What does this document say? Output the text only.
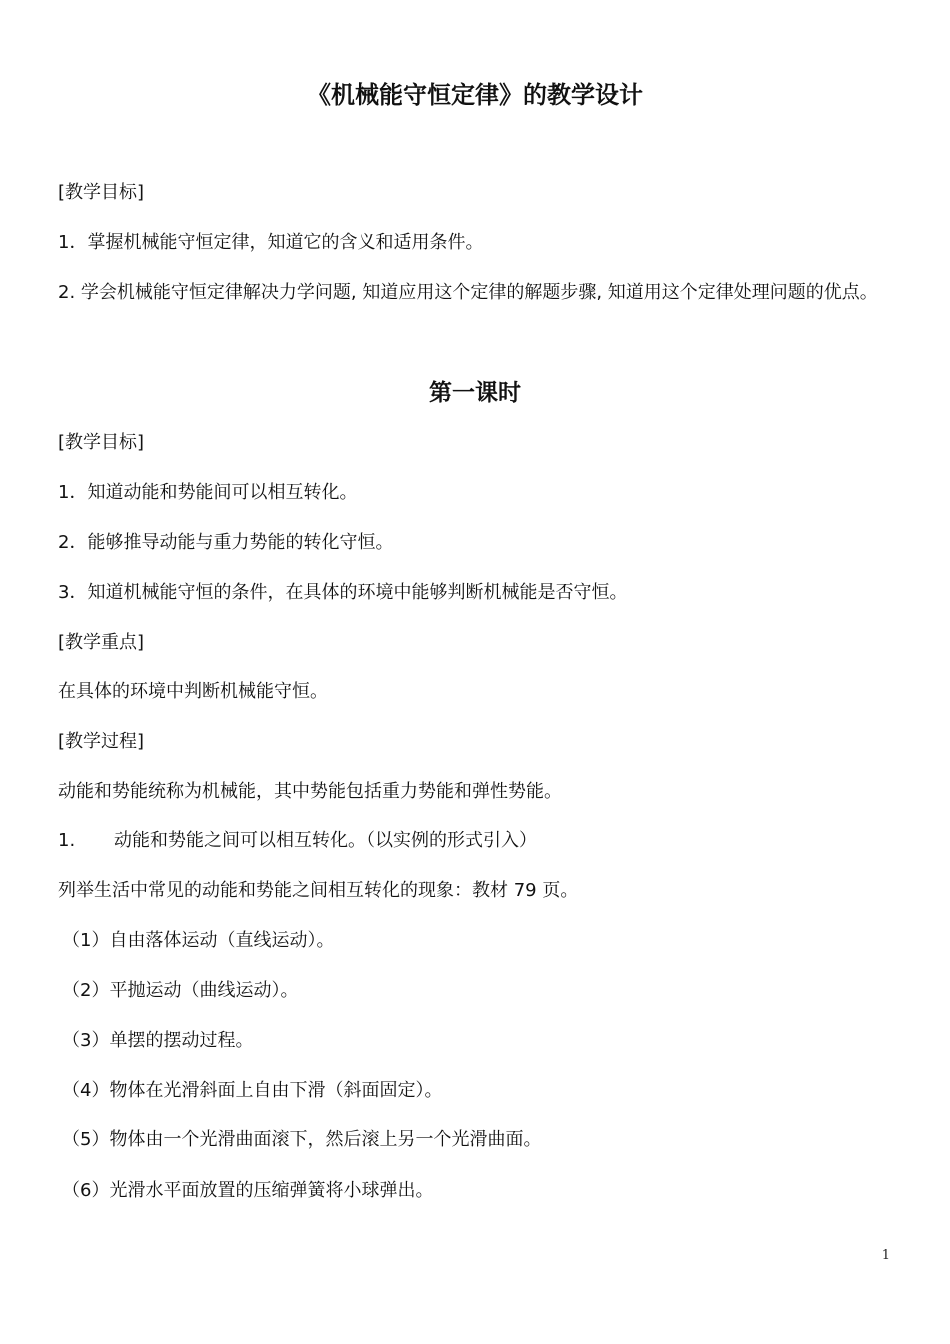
《机械能守恒定律》的教学设计
[教学目标]
1．掌握机械能守恒定律，知道它的含义和适用条件。
2. 学会机械能守恒定律解决力学问题, 知道应用这个定律的解题步骤, 知道用这个定律处理问题的优点。
第一课时
[教学目标]
1．知道动能和势能间可以相互转化。
2．能够推导动能与重力势能的转化守恒。
3．知道机械能守恒的条件，在具体的环境中能够判断机械能是否守恒。
[教学重点]
在具体的环境中判断机械能守恒。
[教学过程]
动能和势能统称为机械能，其中势能包括重力势能和弹性势能。
1. 动能和势能之间可以相互转化。（以实例的形式引入）
列举生活中常见的动能和势能之间相互转化的现象：教材 79 页。
（1）自由落体运动（直线运动）。
（2）平抛运动（曲线运动）。
（3）单摆的摆动过程。
（4）物体在光滑斜面上自由下滑（斜面固定）。
（5）物体由一个光滑曲面滚下，然后滚上另一个光滑曲面。
（6）光滑水平面放置的压缩弹簧将小球弹出。
1
